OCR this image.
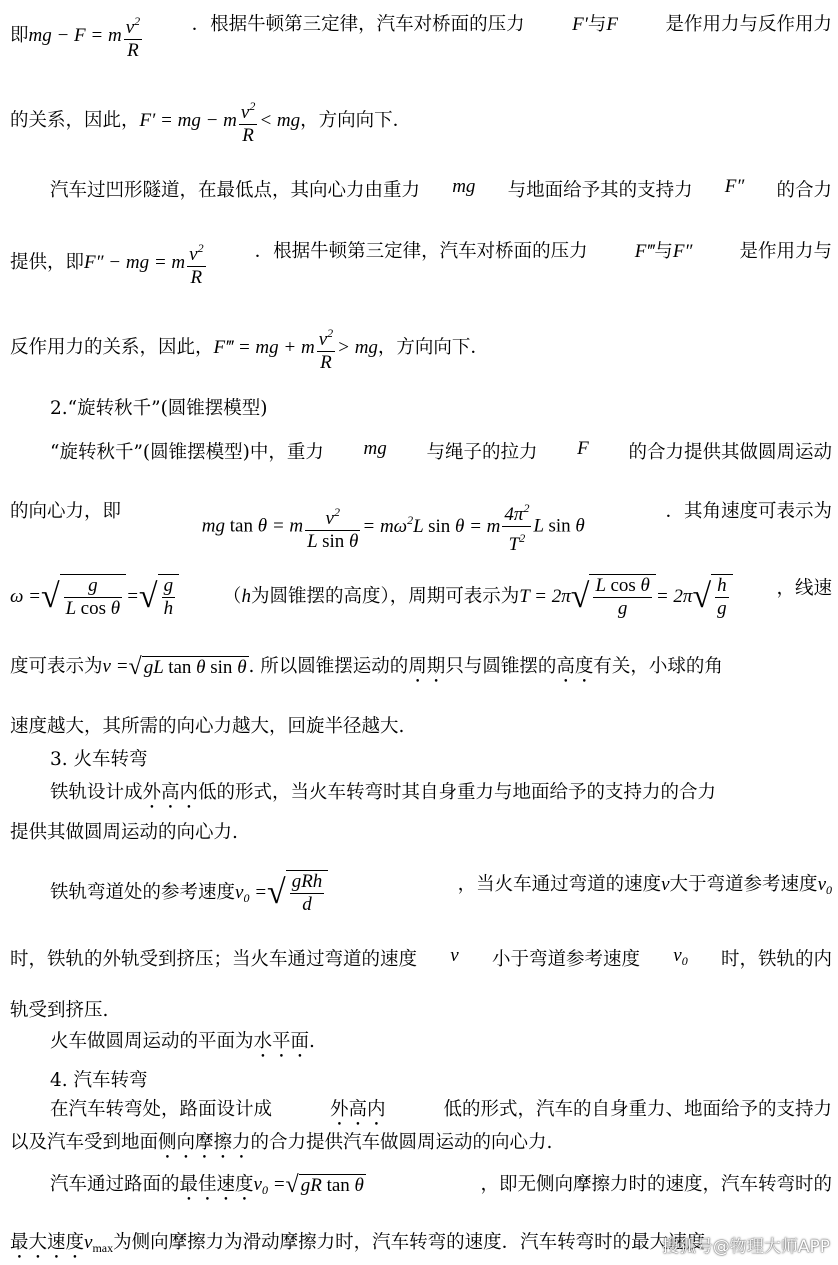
即mg − F = m $\frac{v^2}{R}$	．根据牛顿第三定律，汽车对桥面的压力 F′与F	是作用力与反作用力
的关系，因此，F′ = mg − m $\frac{v^2}{R}$ < mg，方向向下．
汽车过凹形隧道，在最低点，其向心力由重力 mg 与地面给予其的支持力 F″ 的合力
提供，即F″ − mg = m $\frac{v^2}{R}$	．根据牛顿第三定律，汽车对桥面的压力 F‴与F″	是作用力与
反作用力的关系，因此，F‴ = mg + m $\frac{v^2}{R}$ > mg，方向向下．
2.“旋转秋千”(圆锥摆模型)
“旋转秋千”(圆锥摆模型)中，重力 mg 与绳子的拉力 F 的合力提供其做圆周运动
的向心力，即
mg tan θ = m $\frac{v^2}{\text{L sin θ}} = m\omega^2L$ sin θ = m $\frac{4\pi^2}{T^2}$ L sin θ
．其角速度可表示为
ω =√ $\frac{g}{\text{L cos θ}}$ =√ $\frac{g}{h}$	（h为圆锥摆的高度），周期可表示为$T = 2\pi√ \frac{\text{L cos θ}}{g} = 2\pi√ \frac{h}{g}$	，线速
度可表示为v =√ gL tan θ sin θ . 所以圆锥摆运动的周期只与圆锥摆的高度有关，小球的角
速度越大，其所需的向心力越大，回旋半径越大.
3. 火车转弯
铁轨设计成外高内低的形式，当火车转弯时其自身重力与地面给予的支持力的合力
提供其做圆周运动的向心力.
铁轨弯道处的参考速度$v_0$ =√ $\frac{\text{gRh}}{d}$	，当火车通过弯道的速度v大于弯道参考速度$v_0$
时，铁轨的外轨受到挤压；当火车通过弯道的速度 v 小于弯道参考速度 $v_0$ 时，铁轨的内
轨受到挤压.
火车做圆周运动的平面为水平面.
4. 汽车转弯
在汽车转弯处，路面设计成	外高内	低的形式，汽车的自身重力、地面给予的支持力
以及汽车受到地面侧向摩擦力的合力提供汽车做圆周运动的向心力.
汽车通过路面的最佳速度$v_0$ =√ gR tan θ	，即无侧向摩擦力时的速度，汽车转弯时的
最大速度$v_{max}$为侧向摩擦力为滑动摩擦力时，汽车转弯的速度．汽车转弯时的最大速度
搜狐号@物理大师APP
